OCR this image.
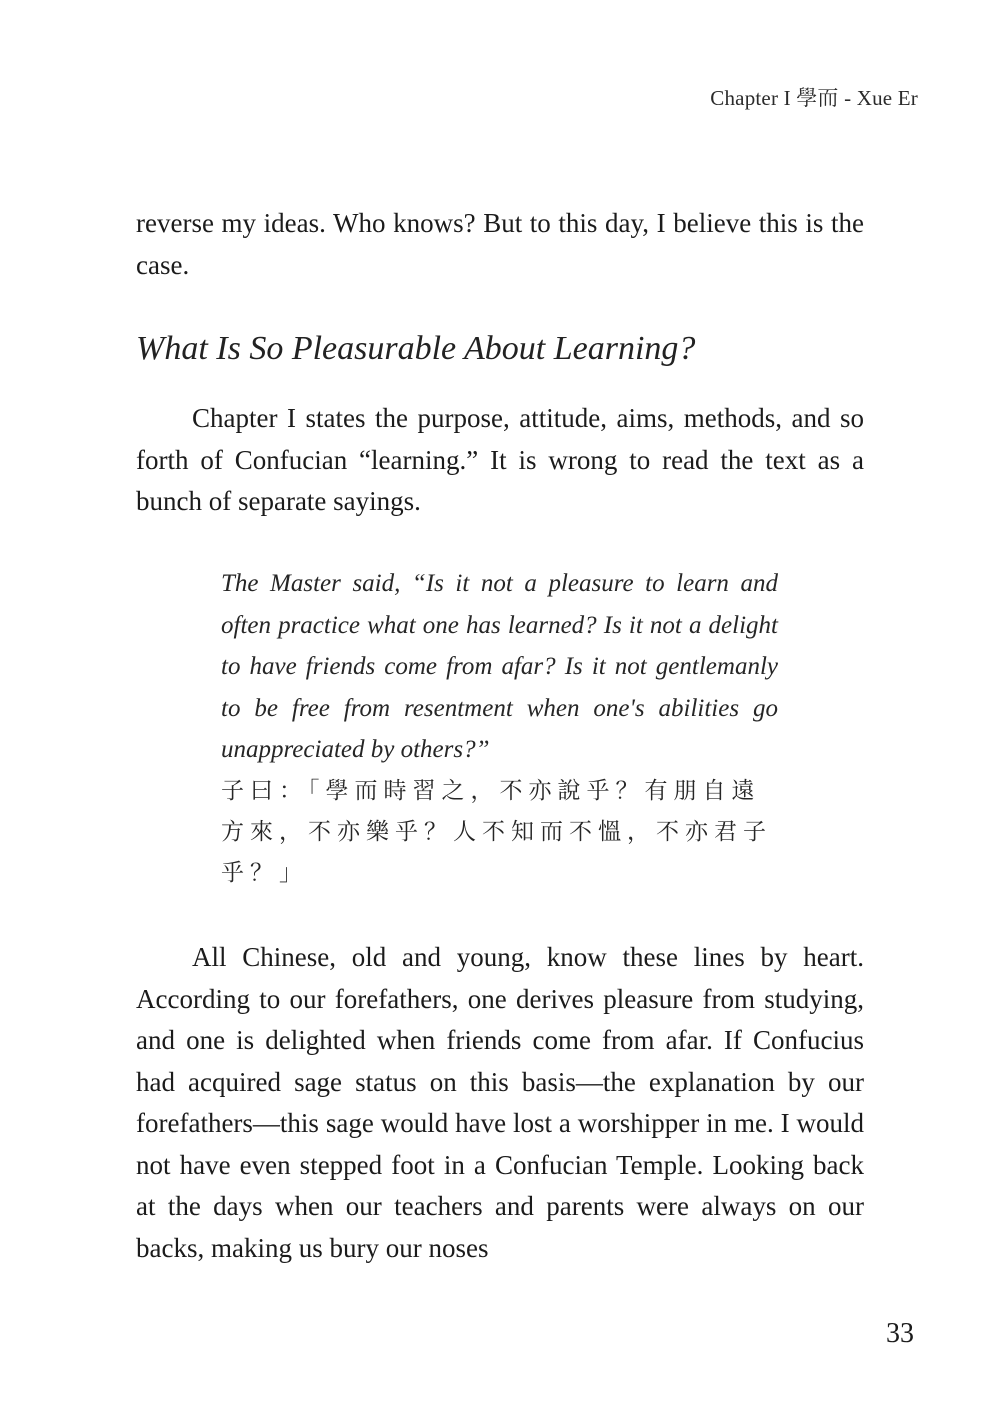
Chapter I 學而 - Xue Er

reverse my ideas. Who knows? But to this day, I believe this is the case.

What Is So Pleasurable About Learning?

Chapter I states the purpose, attitude, aims, methods, and so forth of Confucian “learning.” It is wrong to read the text as a bunch of separate sayings.

The Master said, “Is it not a pleasure to learn and often practice what one has learned? Is it not a delight to have friends come from afar? Is it not gentlemanly to be free from resentment when one's abilities go unappreciated by others?”

子曰：「學而時習之，不亦說乎？有朋自遠方來，不亦樂乎？人不知而不慍，不亦君子乎？」

All Chinese, old and young, know these lines by heart. According to our forefathers, one derives pleasure from studying, and one is delighted when friends come from afar. If Confucius had acquired sage status on this basis—the explanation by our forefathers—this sage would have lost a worshipper in me. I would not have even stepped foot in a Confucian Temple. Looking back at the days when our teachers and parents were always on our backs, making us bury our noses

33
